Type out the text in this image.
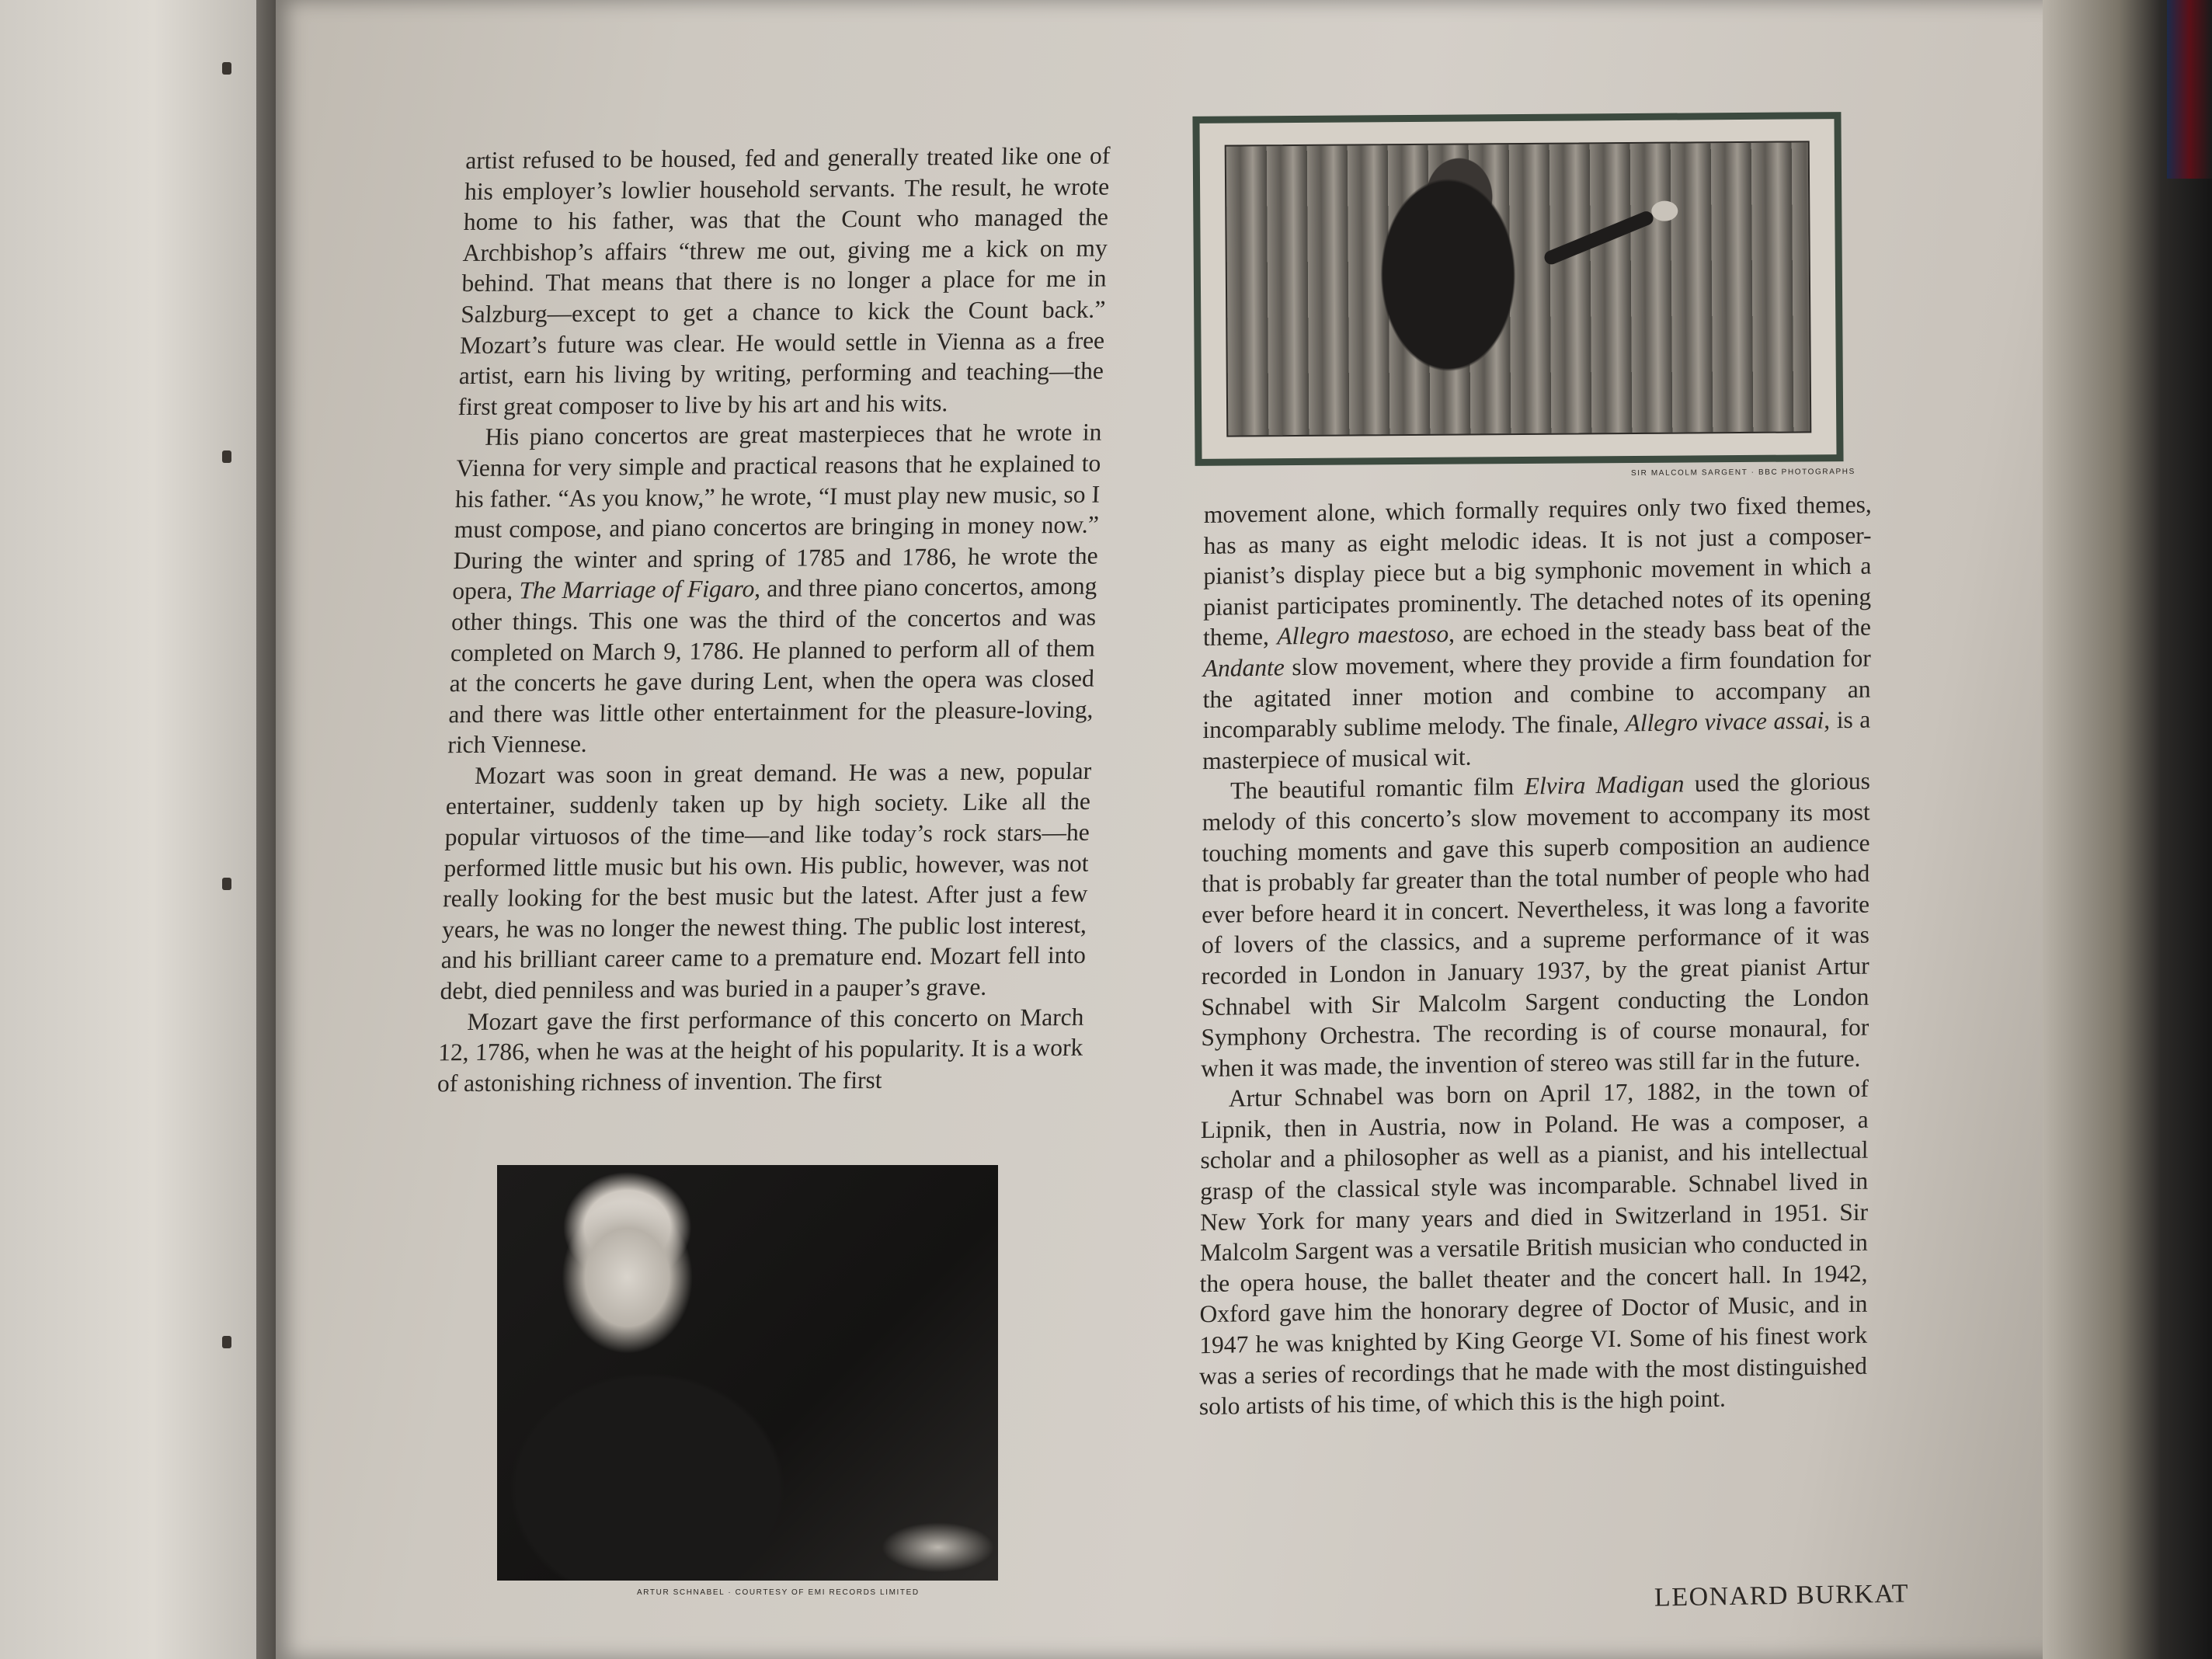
artist refused to be housed, fed and generally treated like one of his employer’s lowlier household servants. The result, he wrote home to his father, was that the Count who managed the Archbishop’s affairs “threw me out, giving me a kick on my behind. That means that there is no longer a place for me in Salzburg—except to get a chance to kick the Count back.” Mozart’s future was clear. He would settle in Vienna as a free artist, earn his living by writing, performing and teaching—the first great composer to live by his art and his wits.

His piano concertos are great masterpieces that he wrote in Vienna for very simple and practical reasons that he explained to his father. “As you know,” he wrote, “I must play new music, so I must compose, and piano concertos are bringing in money now.” During the winter and spring of 1785 and 1786, he wrote the opera, The Marriage of Figaro, and three piano concertos, among other things. This one was the third of the concertos and was completed on March 9, 1786. He planned to perform all of them at the concerts he gave during Lent, when the opera was closed and there was little other entertainment for the pleasure-loving, rich Viennese.

Mozart was soon in great demand. He was a new, popular entertainer, suddenly taken up by high society. Like all the popular virtuosos of the time—and like today’s rock stars—he performed little music but his own. His public, however, was not really looking for the best music but the latest. After just a few years, he was no longer the newest thing. The public lost interest, and his brilliant career came to a premature end. Mozart fell into debt, died penniless and was buried in a pauper’s grave.

Mozart gave the first performance of this concerto on March 12, 1786, when he was at the height of his popularity. It is a work of astonishing richness of invention. The first

SIR MALCOLM SARGENT · BBC PHOTOGRAPHS

movement alone, which formally requires only two fixed themes, has as many as eight melodic ideas. It is not just a composer-pianist’s display piece but a big symphonic movement in which a pianist participates prominently. The detached notes of its opening theme, Allegro maestoso, are echoed in the steady bass beat of the Andante slow movement, where they provide a firm foundation for the agitated inner motion and combine to accompany an incomparably sublime melody. The finale, Allegro vivace assai, is a masterpiece of musical wit.

The beautiful romantic film Elvira Madigan used the glorious melody of this concerto’s slow movement to accompany its most touching moments and gave this superb composition an audience that is probably far greater than the total number of people who had ever before heard it in concert. Nevertheless, it was long a favorite of lovers of the classics, and a supreme performance of it was recorded in London in January 1937, by the great pianist Artur Schnabel with Sir Malcolm Sargent conducting the London Symphony Orchestra. The recording is of course monaural, for when it was made, the invention of stereo was still far in the future.

Artur Schnabel was born on April 17, 1882, in the town of Lipnik, then in Austria, now in Poland. He was a composer, a scholar and a philosopher as well as a pianist, and his intellectual grasp of the classical style was incomparable. Schnabel lived in New York for many years and died in Switzerland in 1951. Sir Malcolm Sargent was a versatile British musician who conducted in the opera house, the ballet theater and the concert hall. In 1942, Oxford gave him the honorary degree of Doctor of Music, and in 1947 he was knighted by King George VI. Some of his finest work was a series of recordings that he made with the most distinguished solo artists of his time, of which this is the high point.

ARTUR SCHNABEL · COURTESY OF EMI RECORDS LIMITED	LEONARD BURKAT
